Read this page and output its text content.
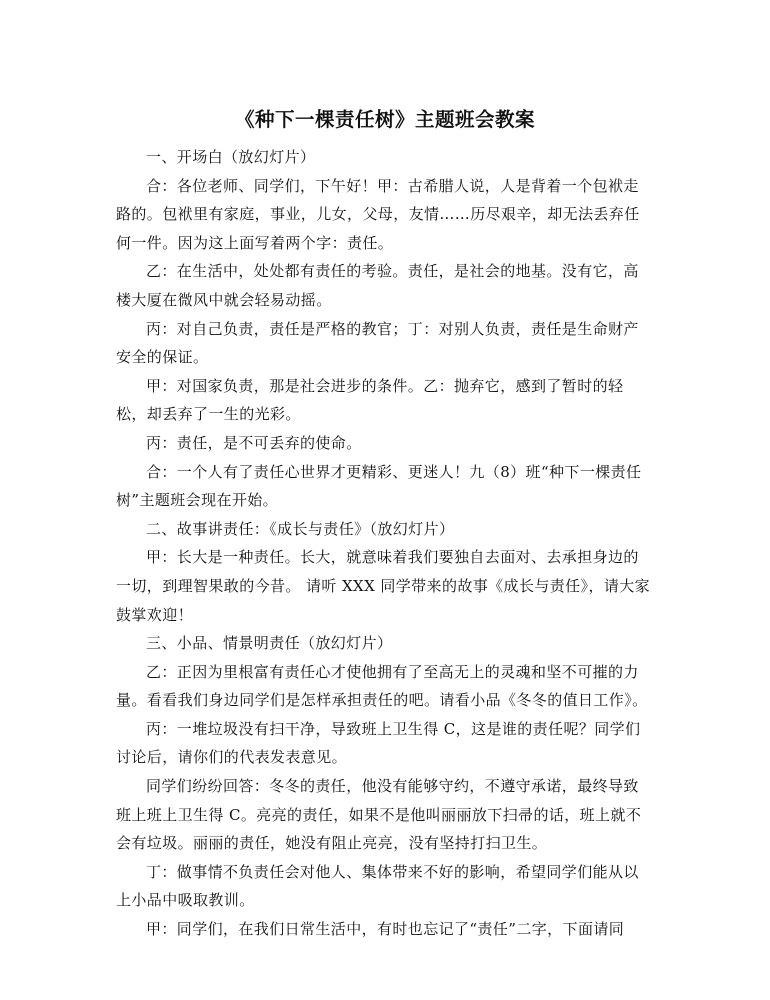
《种下一棵责任树》主题班会教案

一、开场白（放幻灯片）

合：各位老师、同学们，下午好！甲：古希腊人说，人是背着一个包袱走
路的。包袱里有家庭，事业，儿女，父母，友情……历尽艰辛，却无法丢弃任
何一件。因为这上面写着两个字：责任。

乙：在生活中，处处都有责任的考验。责任，是社会的地基。没有它，高
楼大厦在微风中就会轻易动摇。

丙：对自己负责，责任是严格的教官；丁：对别人负责，责任是生命财产
安全的保证。

甲：对国家负责，那是社会进步的条件。乙：抛弃它，感到了暂时的轻
松，却丢弃了一生的光彩。

丙：责任，是不可丢弃的使命。

合：一个人有了责任心世界才更精彩、更迷人！九（8）班“种下一棵责任
树”主题班会现在开始。

二、故事讲责任：《成长与责任》（放幻灯片）

甲：长大是一种责任。长大，就意味着我们要独自去面对、去承担身边的
一切，到理智果敢的今昔。 请听 XXX 同学带来的故事《成长与责任》，请大家
鼓掌欢迎！

三、小品、情景明责任（放幻灯片）

乙：正因为里根富有责任心才使他拥有了至高无上的灵魂和坚不可摧的力
量。看看我们身边同学们是怎样承担责任的吧。请看小品《冬冬的值日工作》。

丙：一堆垃圾没有扫干净，导致班上卫生得 C，这是谁的责任呢？同学们
讨论后，请你们的代表发表意见。

同学们纷纷回答：冬冬的责任，他没有能够守约，不遵守承诺，最终导致
班上班上卫生得 C。亮亮的责任，如果不是他叫丽丽放下扫帚的话，班上就不
会有垃圾。丽丽的责任，她没有阻止亮亮，没有坚持打扫卫生。

丁：做事情不负责任会对他人、集体带来不好的影响，希望同学们能从以
上小品中吸取教训。

甲：同学们，在我们日常生活中，有时也忘记了“责任”二字，下面请同
